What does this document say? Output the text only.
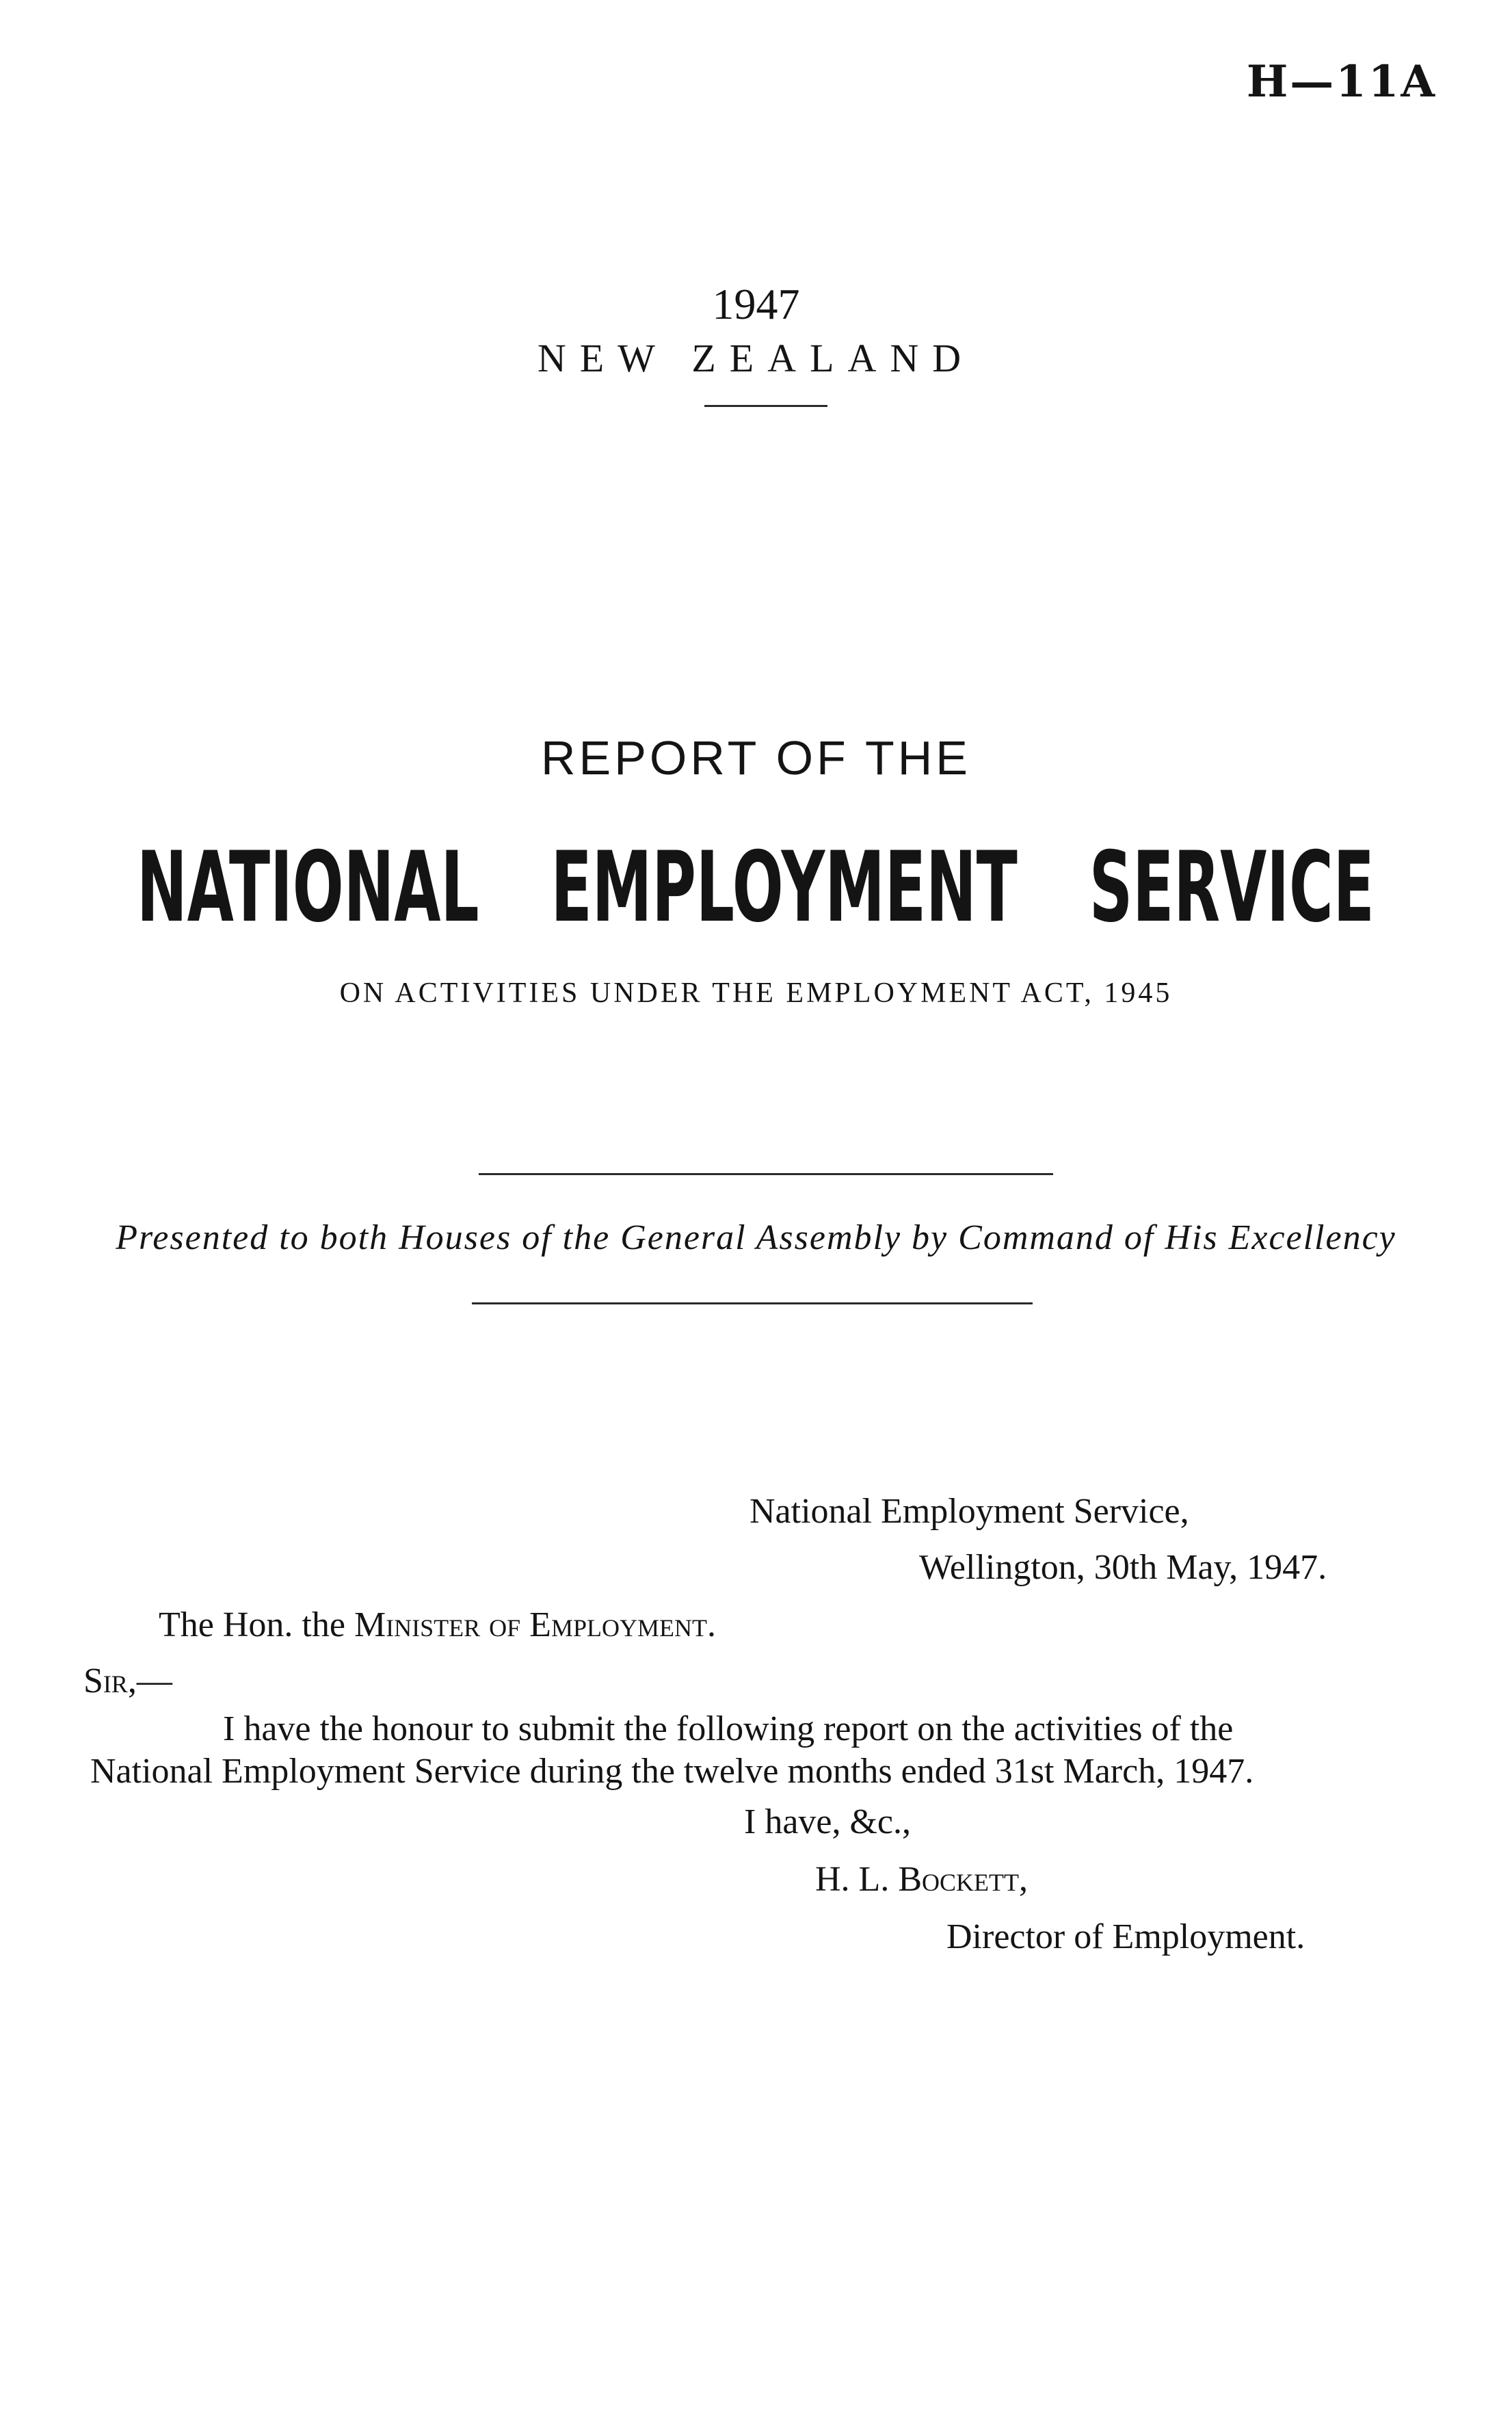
H—11A
1947
NEW ZEALAND
REPORT OF THE
NATIONAL EMPLOYMENT SERVICE
ON ACTIVITIES UNDER THE EMPLOYMENT ACT, 1945
Presented to both Houses of the General Assembly by Command of His Excellency
National Employment Service,
Wellington, 30th May, 1947.
The Hon. the Minister of Employment.
Sir,—
I have the honour to submit the following report on the activities of the
National Employment Service during the twelve months ended 31st March, 1947.
I have, &c.,
H. L. Bockett,
Director of Employment.
